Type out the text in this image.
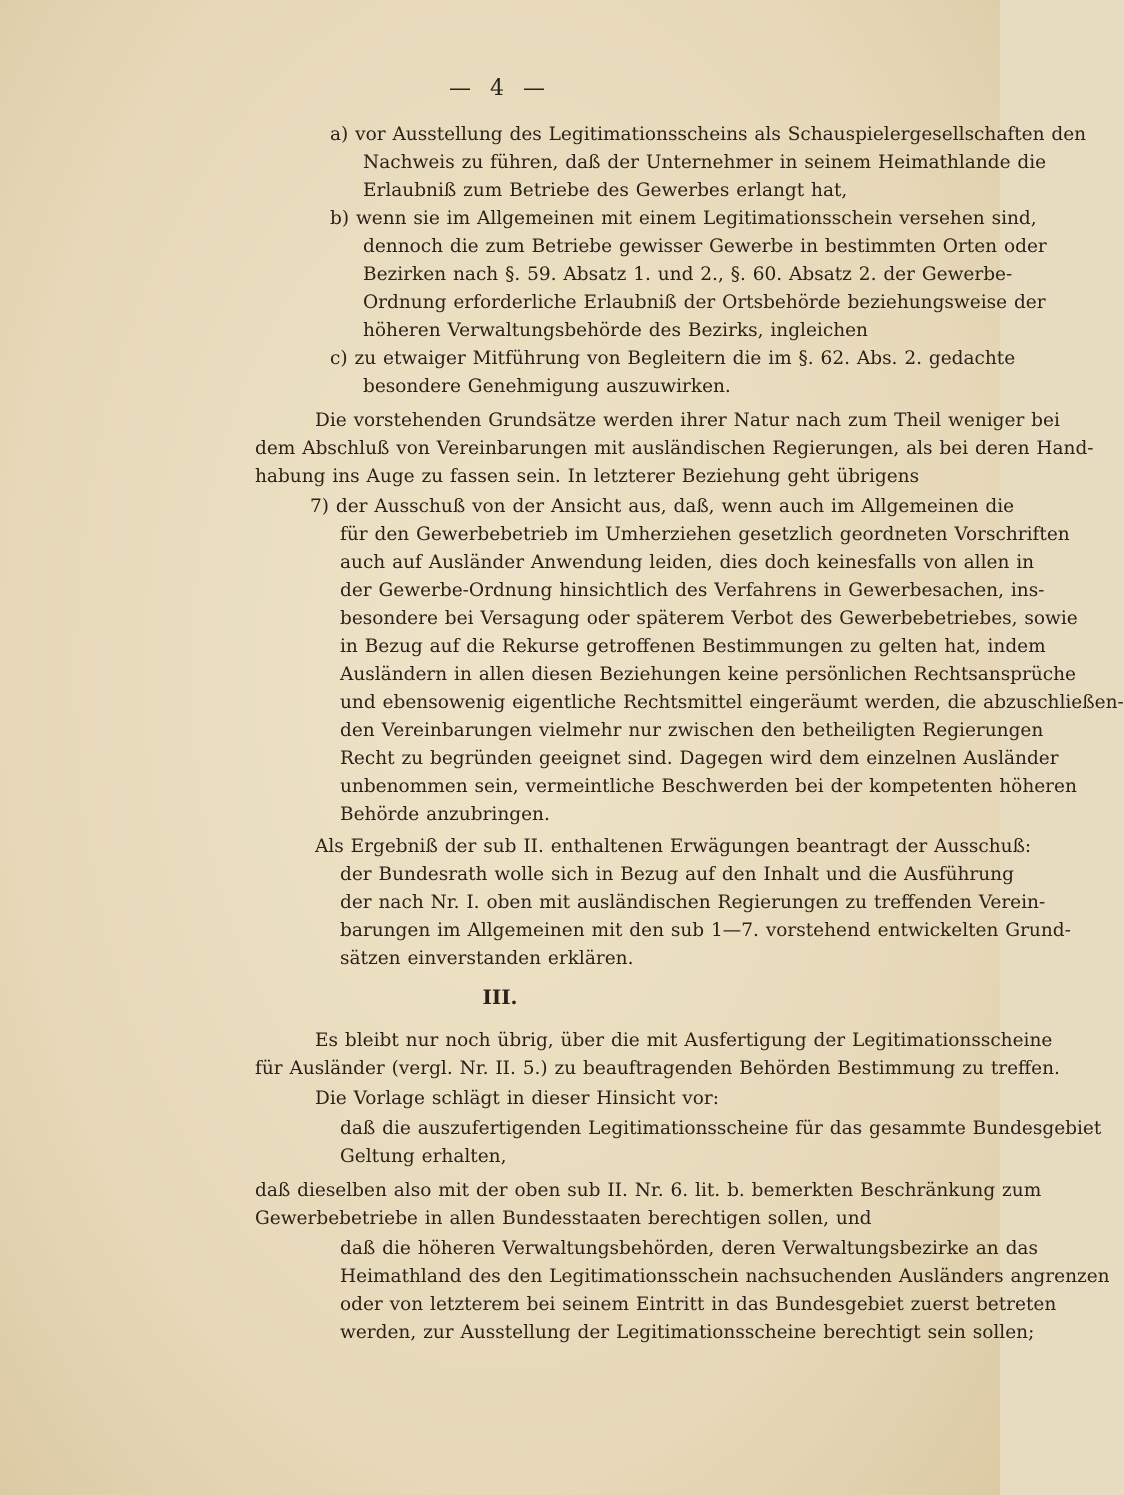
— 4 —
a) vor Ausstellung des Legitimationsscheins als Schauspielergesellschaften den
Nachweis zu führen, daß der Unternehmer in seinem Heimathlande die
Erlaubniß zum Betriebe des Gewerbes erlangt hat,
b) wenn sie im Allgemeinen mit einem Legitimationsschein versehen sind,
dennoch die zum Betriebe gewisser Gewerbe in bestimmten Orten oder
Bezirken nach §. 59. Absatz 1. und 2., §. 60. Absatz 2. der Gewerbe-
Ordnung erforderliche Erlaubniß der Ortsbehörde beziehungsweise der
höheren Verwaltungsbehörde des Bezirks, ingleichen
c) zu etwaiger Mitführung von Begleitern die im §. 62. Abs. 2. gedachte
besondere Genehmigung auszuwirken.
Die vorstehenden Grundsätze werden ihrer Natur nach zum Theil weniger bei
dem Abschluß von Vereinbarungen mit ausländischen Regierungen, als bei deren Hand-
habung ins Auge zu fassen sein. In letzterer Beziehung geht übrigens
7) der Ausschuß von der Ansicht aus, daß, wenn auch im Allgemeinen die
für den Gewerbebetrieb im Umherziehen gesetzlich geordneten Vorschriften
auch auf Ausländer Anwendung leiden, dies doch keinesfalls von allen in
der Gewerbe-Ordnung hinsichtlich des Verfahrens in Gewerbesachen, ins-
besondere bei Versagung oder späterem Verbot des Gewerbebetriebes, sowie
in Bezug auf die Rekurse getroffenen Bestimmungen zu gelten hat, indem
Ausländern in allen diesen Beziehungen keine persönlichen Rechtsansprüche
und ebensowenig eigentliche Rechtsmittel eingeräumt werden, die abzuschließen-
den Vereinbarungen vielmehr nur zwischen den betheiligten Regierungen
Recht zu begründen geeignet sind. Dagegen wird dem einzelnen Ausländer
unbenommen sein, vermeintliche Beschwerden bei der kompetenten höheren
Behörde anzubringen.
Als Ergebniß der sub II. enthaltenen Erwägungen beantragt der Ausschuß:
der Bundesrath wolle sich in Bezug auf den Inhalt und die Ausführung
der nach Nr. I. oben mit ausländischen Regierungen zu treffenden Verein-
barungen im Allgemeinen mit den sub 1—7. vorstehend entwickelten Grund-
sätzen einverstanden erklären.
III.
Es bleibt nur noch übrig, über die mit Ausfertigung der Legitimationsscheine
für Ausländer (vergl. Nr. II. 5.) zu beauftragenden Behörden Bestimmung zu treffen.
Die Vorlage schlägt in dieser Hinsicht vor:
daß die auszufertigenden Legitimationsscheine für das gesammte Bundesgebiet
Geltung erhalten,
daß dieselben also mit der oben sub II. Nr. 6. lit. b. bemerkten Beschränkung zum
Gewerbebetriebe in allen Bundesstaaten berechtigen sollen, und
daß die höheren Verwaltungsbehörden, deren Verwaltungsbezirke an das
Heimathland des den Legitimationsschein nachsuchenden Ausländers angrenzen
oder von letzterem bei seinem Eintritt in das Bundesgebiet zuerst betreten
werden, zur Ausstellung der Legitimationsscheine berechtigt sein sollen;
